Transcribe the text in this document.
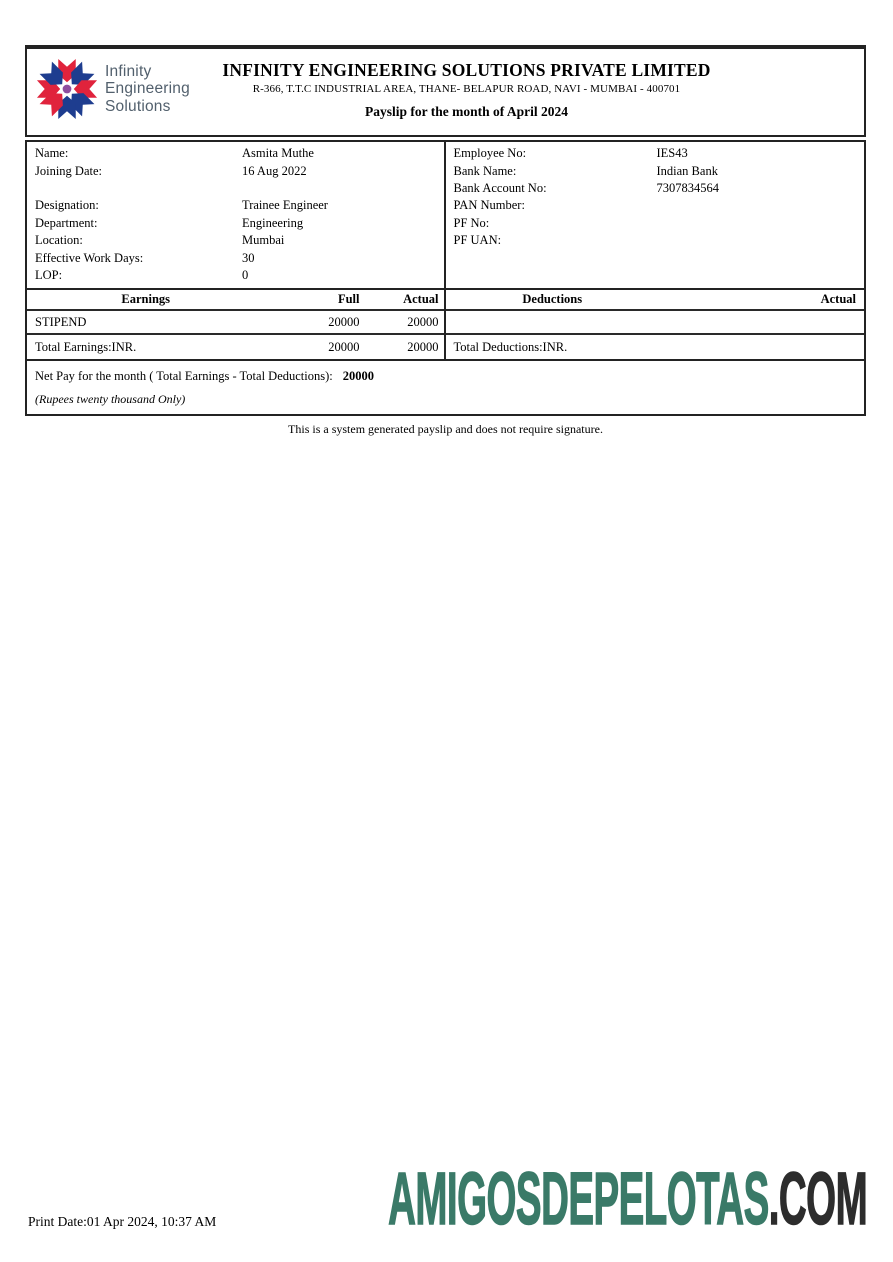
Infinity
Engineering
Solutions
INFINITY ENGINEERING SOLUTIONS PRIVATE LIMITED
R-366, T.T.C INDUSTRIAL AREA, THANE- BELAPUR ROAD, NAVI - MUMBAI - 400701
Payslip for the month of April 2024
Name:	Asmita Muthe
Joining Date:	16 Aug 2022
Designation:	Trainee Engineer
Department:	Engineering
Location:	Mumbai
Effective Work Days:	30
LOP:	0
Employee No:	IES43
Bank Name:	Indian Bank
Bank Account No:	7307834564
PAN Number:
PF No:
PF UAN:
Earnings	Full	Actual
STIPEND	20000	20000
Total Earnings:INR.	20000	20000
Deductions	Actual
Total Deductions:INR.
Net Pay for the month ( Total Earnings - Total Deductions): 20000
(Rupees twenty thousand Only)
This is a system generated payslip and does not require signature.
Print Date:01 Apr 2024, 10:37 AM AMIGOSDEPELOTAS.COM
